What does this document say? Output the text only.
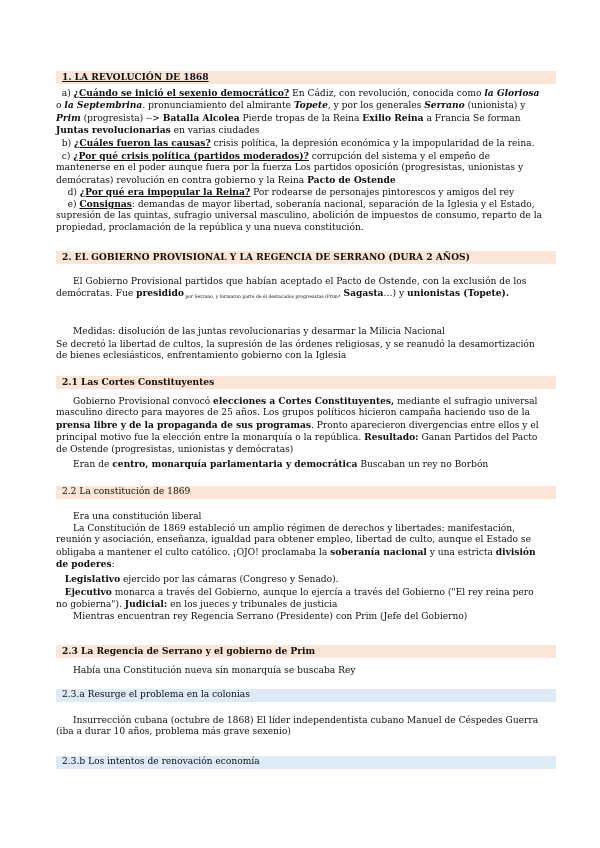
1. LA REVOLUCIÓN DE 1868

a) ¿Cuándo se inició el sexenio democrático? En Cádiz, con revolución, conocida como la Gloriosa o la Septembrina. pronunciamiento del almirante Topete, y por los generales Serrano (unionista) y Prim (progresista) --> Batalla Alcolea Pierde tropas de la Reina Exilio Reina a Francia Se forman Juntas revolucionarias en varias ciudades

b) ¿Cuáles fueron las causas? crisis política, la depresión económica y la impopularidad de la reina.

c) ¿Por qué crisis política (partidos moderados)? corrupción del sistema y el empeño de mantenerse en el poder aunque fuera por la fuerza Los partidos oposición (progresistas, unionistas y demócratas) revolución en contra gobierno y la Reina Pacto de Ostende

d) ¿Por qué era impopular la Reina? Por rodearse de personajes pintorescos y amigos del rey

e) Consignas: demandas de mayor libertad, soberanía nacional, separación de la Iglesia y el Estado, supresión de las quintas, sufragio universal masculino, abolición de impuestos de consumo, reparto de la propiedad, proclamación de la república y una nueva constitución.

2. EL GOBIERNO PROVISIONAL Y LA REGENCIA DE SERRANO (DURA 2 AÑOS)

El Gobierno Provisional partidos que habían aceptado el Pacto de Ostende, con la exclusión de los demócratas. Fue presidido $_{por Serrano, y formaron parte de él destacados progresistas (Prim}$, Sagasta…) y unionistas (Topete).

Medidas: disolución de las juntas revolucionarias y desarmar la Milicia Nacional

Se decretó la libertad de cultos, la supresión de las órdenes religiosas, y se reanudó la desamortización de bienes eclesiásticos, enfrentamiento gobierno con la Iglesia

2.1 Las Cortes Constituyentes

Gobierno Provisional convocó elecciones a Cortes Constituyentes, mediante el sufragio universal masculino directo para mayores de 25 años. Los grupos políticos hicieron campaña haciendo uso de la prensa libre y de la propaganda de sus programas. Pronto aparecieron divergencias entre ellos y el principal motivo fue la elección entre la monarquía o la república. Resultado: Ganan Partidos del Pacto de Ostende (progresistas, unionistas y demócratas)

Eran de centro, monarquía parlamentaria y democrática Buscaban un rey no Borbón

2.2 La constitución de 1869

Era una constitución liberal

La Constitución de 1869 estableció un amplio régimen de derechos y libertades: manifestación, reunión y asociación, enseñanza, igualdad para obtener empleo, libertad de culto, aunque el Estado se obligaba a mantener el culto católico. ¡OJO! proclamaba la soberanía nacional y una estricta división de poderes:

Legislativo ejercido por las cámaras (Congreso y Senado).

Ejecutivo monarca a través del Gobierno, aunque lo ejercía a través del Gobierno ("El rey reina pero no gobierna"). Judicial: en los jueces y tribunales de justicia

Mientras encuentran rey Regencia Serrano (Presidente) con Prim (Jefe del Gobierno)

2.3 La Regencia de Serrano y el gobierno de Prim

Había una Constitución nueva sin monarquía se buscaba Rey

2.3.a Resurge el problema en la colonias

Insurrección cubana (octubre de 1868) El líder independentista cubano Manuel de Céspedes Guerra (iba a durar 10 años, problema más grave sexenio)

2.3.b Los intentos de renovación economía
